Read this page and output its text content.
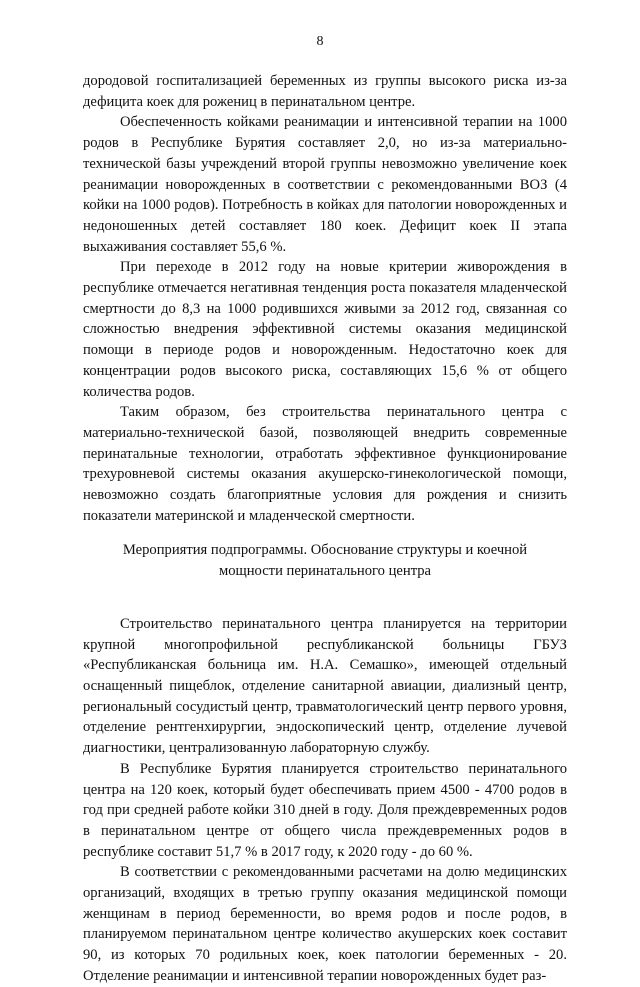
8

дородовой госпитализацией беременных из группы высокого риска из-за дефицита коек для рожениц в перинатальном центре.

Обеспеченность койками реанимации и интенсивной терапии на 1000 родов в Республике Бурятия составляет 2,0, но из-за материально-технической базы учреждений второй группы невозможно увеличение коек реанимации новорожденных в соответствии с рекомендованными ВОЗ (4 койки на 1000 родов). Потребность в койках для патологии новорожденных и недоношенных детей составляет 180 коек. Дефицит коек II этапа выхаживания составляет 55,6 %.

При переходе в 2012 году на новые критерии живорождения в республике отмечается негативная тенденция роста показателя младенческой смертности до 8,3 на 1000 родившихся живыми за 2012 год, связанная со сложностью внедрения эффективной системы оказания медицинской помощи в периоде родов и новорожденным. Недостаточно коек для концентрации родов высокого риска, составляющих 15,6 % от общего количества родов.

Таким образом, без строительства перинатального центра с материально-технической базой, позволяющей внедрить современные перинатальные технологии, отработать эффективное функционирование трехуровневой системы оказания акушерско-гинекологической помощи, невозможно создать благоприятные условия для рождения и снизить показатели материнской и младенческой смертности.

Мероприятия подпрограммы. Обоснование структуры и коечной
мощности перинатального центра

Строительство перинатального центра планируется на территории крупной многопрофильной республиканской больницы ГБУЗ «Республиканская больница им. Н.А. Семашко», имеющей отдельный оснащенный пищеблок, отделение санитарной авиации, диализный центр, региональный сосудистый центр, травматологический центр первого уровня, отделение рентгенхирургии, эндоскопический центр, отделение лучевой диагностики, централизованную лабораторную службу.

В Республике Бурятия планируется строительство перинатального центра на 120 коек, который будет обеспечивать прием 4500 - 4700 родов в год при средней работе койки 310 дней в году. Доля преждевременных родов в перинатальном центре от общего числа преждевременных родов в республике составит 51,7 % в 2017 году, к 2020 году - до 60 %.

В соответствии с рекомендованными расчетами на долю медицинских организаций, входящих в третью группу оказания медицинской помощи женщинам в период беременности, во время родов и после родов, в планируемом перинатальном центре количество акушерских коек составит 90, из которых 70 родильных коек, коек патологии беременных - 20. Отделение реанимации и интенсивной терапии новорожденных будет раз-
